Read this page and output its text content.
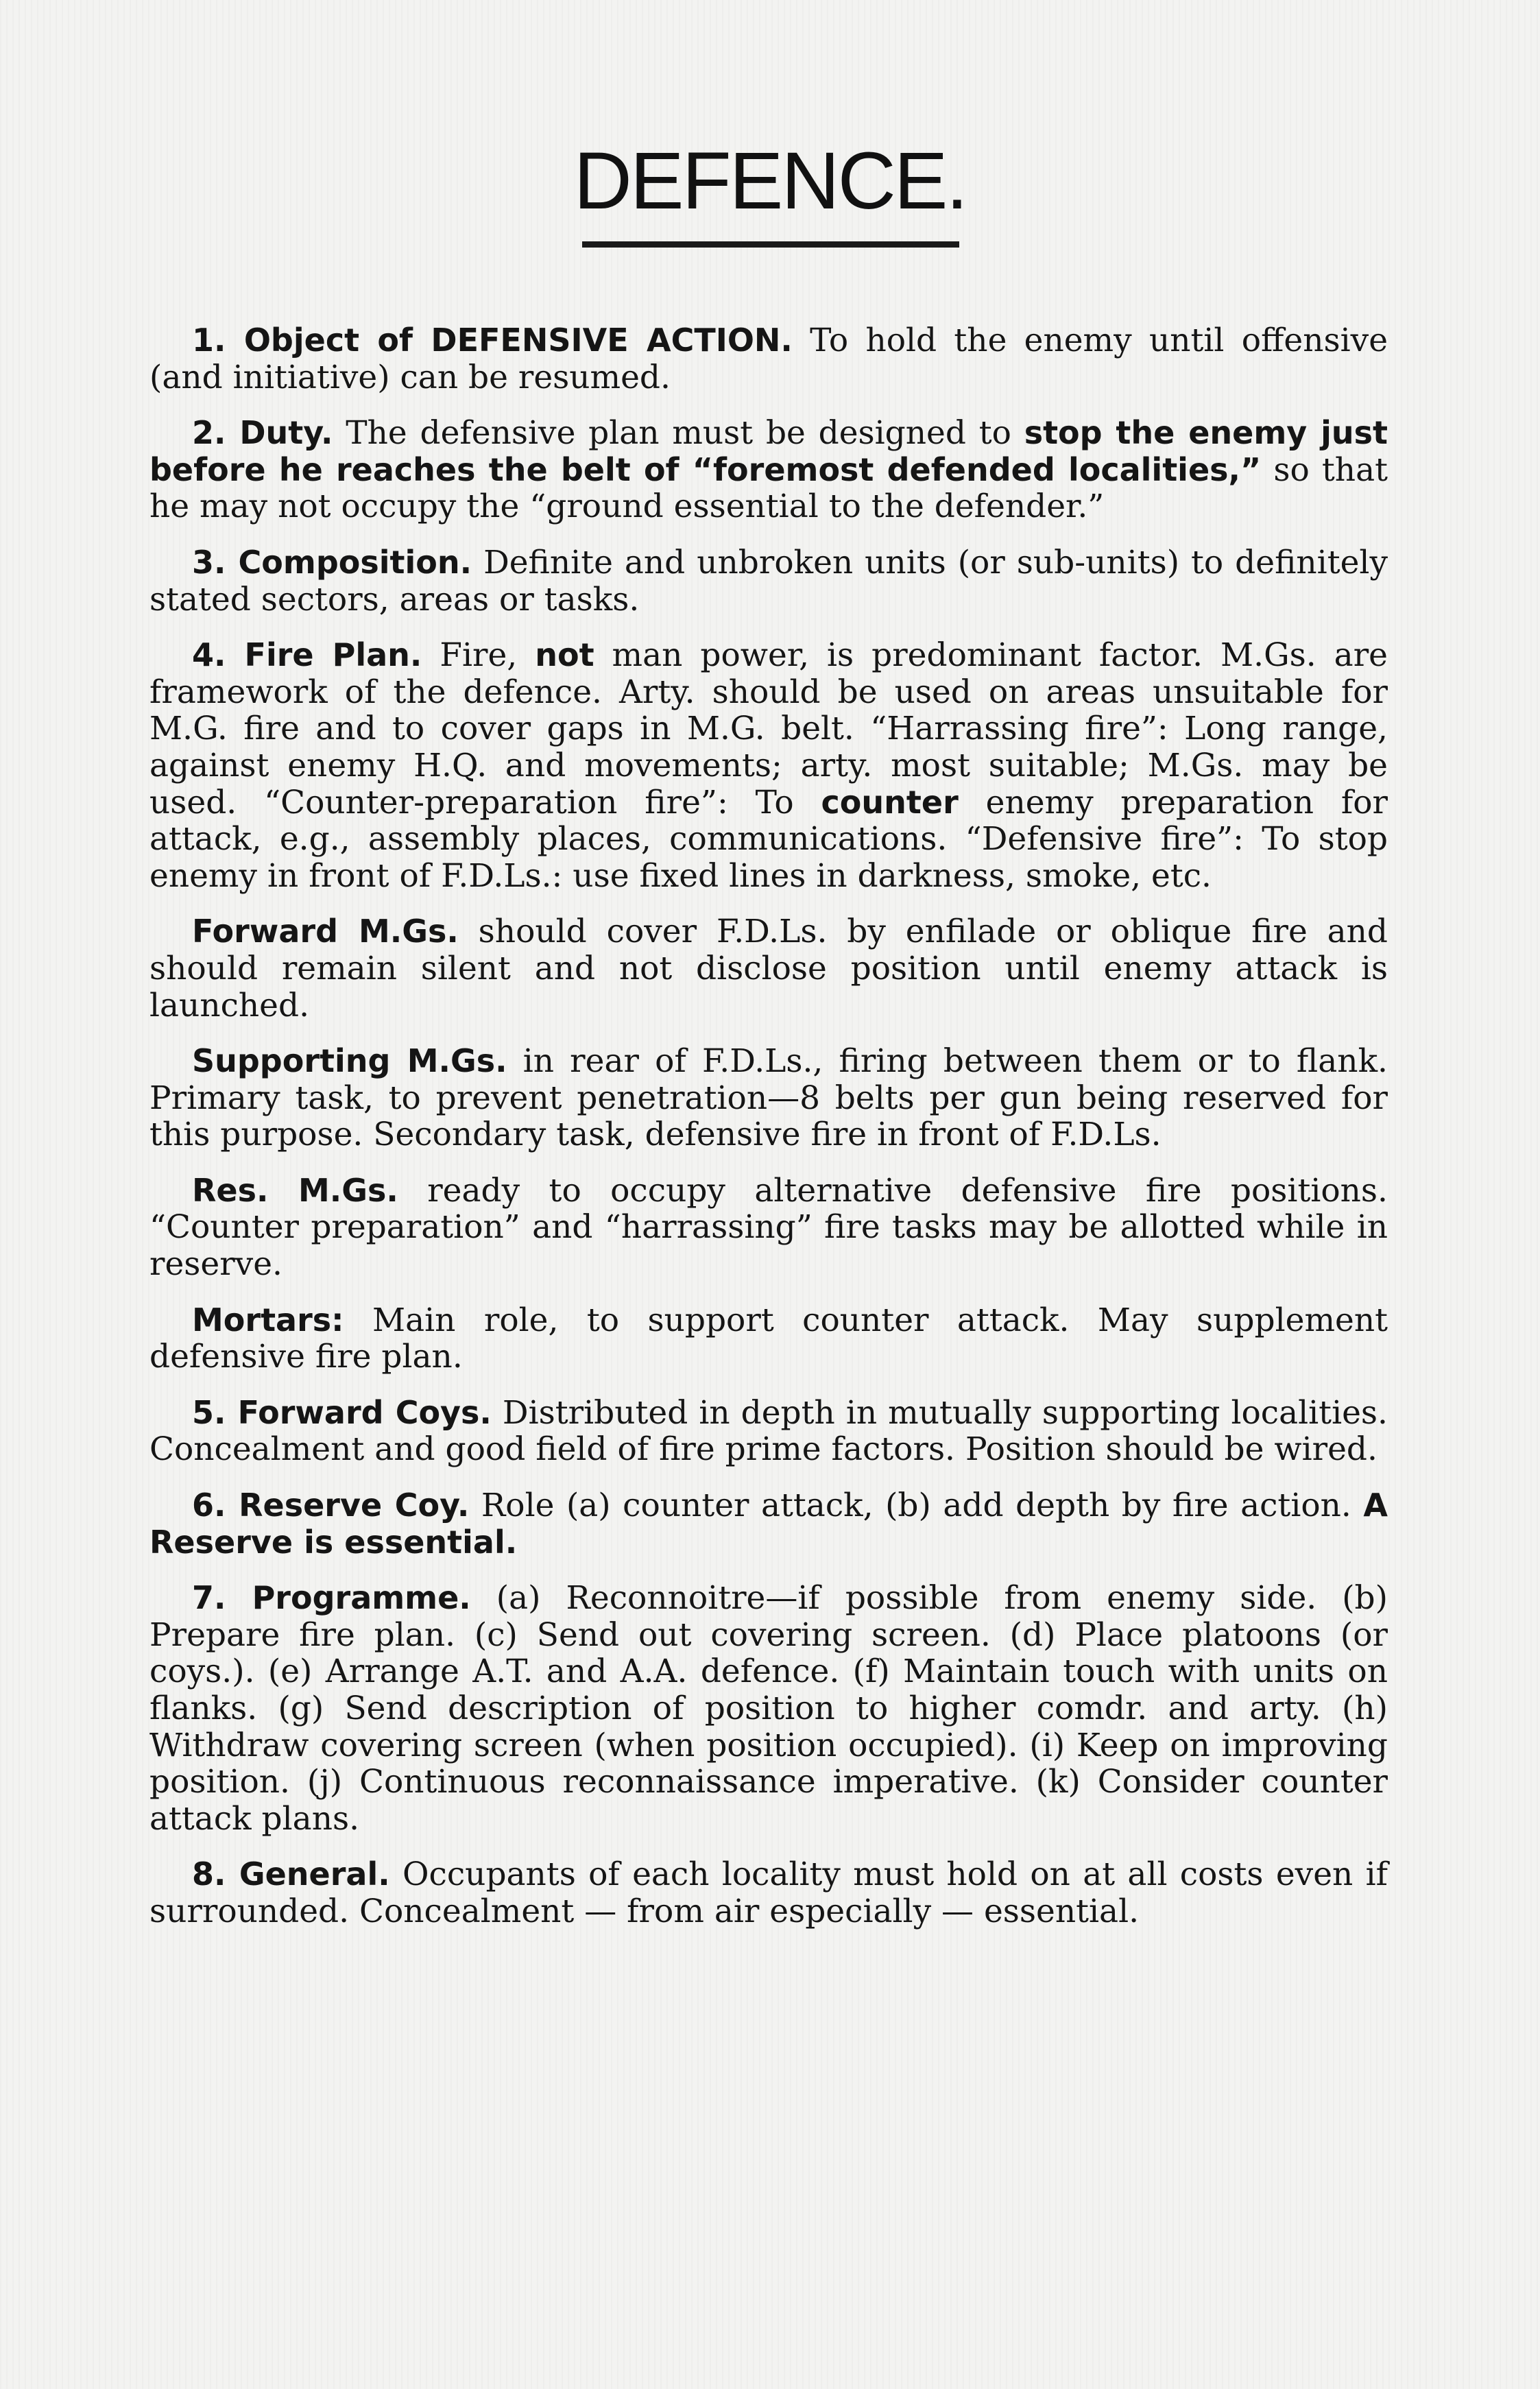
DEFENCE.

1. Object of DEFENSIVE ACTION. To hold the enemy until offensive (and initiative) can be resumed.

2. Duty. The defensive plan must be designed to stop the enemy just before he reaches the belt of “foremost defended localities,” so that he may not occupy the “ground essential to the defender.”

3. Composition. Definite and unbroken units (or sub-units) to definitely stated sectors, areas or tasks.

4. Fire Plan. Fire, not man power, is predominant factor. M.Gs. are framework of the defence. Arty. should be used on areas unsuitable for M.G. fire and to cover gaps in M.G. belt. “Harrassing fire”: Long range, against enemy H.Q. and movements; arty. most suitable; M.Gs. may be used. “Counter-preparation fire”: To counter enemy preparation for attack, e.g., assembly places, communications. “Defensive fire”: To stop enemy in front of F.D.Ls.: use fixed lines in darkness, smoke, etc.

Forward M.Gs. should cover F.D.Ls. by enfilade or oblique fire and should remain silent and not disclose position until enemy attack is launched.

Supporting M.Gs. in rear of F.D.Ls., firing between them or to flank. Primary task, to prevent penetration—8 belts per gun being reserved for this purpose. Secondary task, defensive fire in front of F.D.Ls.

Res. M.Gs. ready to occupy alternative defensive fire positions. “Counter preparation” and “harrassing” fire tasks may be allotted while in reserve.

Mortars: Main role, to support counter attack. May supplement defensive fire plan.

5. Forward Coys. Distributed in depth in mutually supporting localities. Concealment and good field of fire prime factors. Position should be wired.

6. Reserve Coy. Role (a) counter attack, (b) add depth by fire action. A Reserve is essential.

7. Programme. (a) Reconnoitre—if possible from enemy side. (b) Prepare fire plan. (c) Send out covering screen. (d) Place platoons (or coys.). (e) Arrange A.T. and A.A. defence. (f) Maintain touch with units on flanks. (g) Send description of position to higher comdr. and arty. (h) Withdraw covering screen (when position occupied). (i) Keep on improving position. (j) Continuous reconnaissance imperative. (k) Consider counter attack plans.

8. General. Occupants of each locality must hold on at all costs even if surrounded. Concealment — from air especially — essential.
